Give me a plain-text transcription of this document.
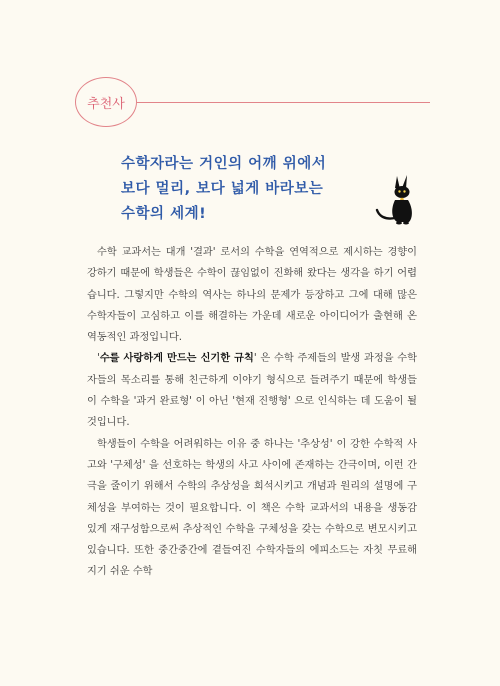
추천사
수학자라는 거인의 어깨 위에서
보다 멀리, 보다 넓게 바라보는
수학의 세계!

수학 교과서는 대개 '결과' 로서의 수학을 연역적으로 제시하는 경향이 강하기 때문에 학생들은 수학이 끊임없이 진화해 왔다는 생각을 하기 어렵습니다. 그렇지만 수학의 역사는 하나의 문제가 등장하고 그에 대해 많은 수학자들이 고심하고 이를 해결하는 가운데 새로운 아이디어가 출현해 온 역동적인 과정입니다.

'수를 사랑하게 만드는 신기한 규칙' 은 수학 주제들의 발생 과정을 수학자들의 목소리를 통해 친근하게 이야기 형식으로 들려주기 때문에 학생들이 수학을 '과거 완료형' 이 아닌 '현재 진행형' 으로 인식하는 데 도움이 될 것입니다.

학생들이 수학을 어려워하는 이유 중 하나는 '추상성' 이 강한 수학적 사고와 '구체성' 을 선호하는 학생의 사고 사이에 존재하는 간극이며, 이런 간극을 줄이기 위해서 수학의 추상성을 희석시키고 개념과 원리의 설명에 구체성을 부여하는 것이 필요합니다. 이 책은 수학 교과서의 내용을 생동감 있게 재구성함으로써 추상적인 수학을 구체성을 갖는 수학으로 변모시키고 있습니다. 또한 중간중간에 곁들여진 수학자들의 에피소드는 자칫 무료해지기 쉬운 수학
